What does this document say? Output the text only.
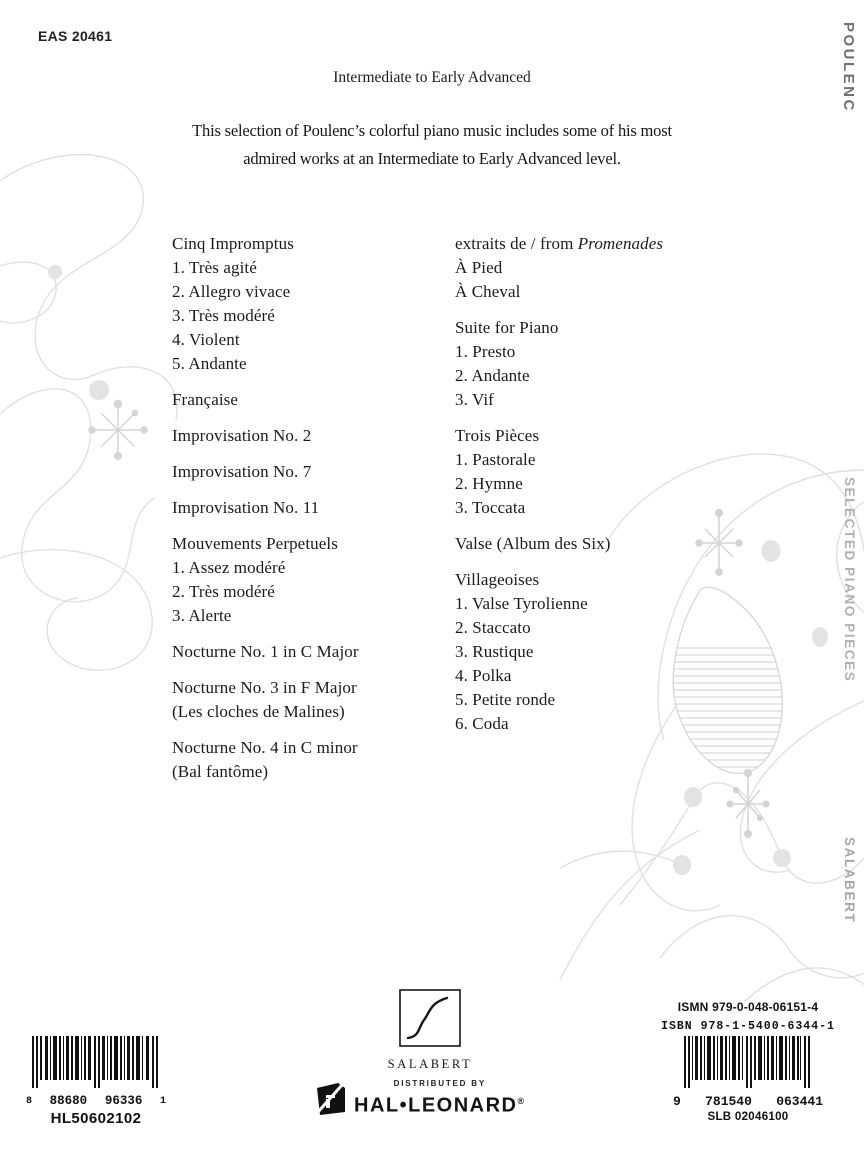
EAS 20461	POULENC
SELECTED PIANO PIECES
SALABERT
Intermediate to Early Advanced
This selection of Poulenc’s colorful piano music includes some of his most
admired works at an Intermediate to Early Advanced level.
Cinq Impromptus
1. Très agité
2. Allegro vivace
3. Très modéré
4. Violent
5. Andante
Française
Improvisation No. 2
Improvisation No. 7
Improvisation No. 11
Mouvements Perpetuels
1. Assez modéré
2. Très modéré
3. Alerte
Nocturne No. 1 in C Major
Nocturne No. 3 in F Major
(Les cloches de Malines)
Nocturne No. 4 in C minor
(Bal fantôme)
extraits de / from Promenades
À Pied
À Cheval
Suite for Piano
1. Presto
2. Andante
3. Vif
Trois Pièces
1. Pastorale
2. Hymne
3. Toccata
Valse (Album des Six)
Villageoises
1. Valse Tyrolienne
2. Staccato
3. Rustique
4. Polka
5. Petite ronde
6. Coda
8 88680 96336 1
HL50602102
SALABERT
DISTRIBUTED BY
HAL•LEONARD®
ISMN 979-0-048-06151-4
ISBN 978-1-5400-6344-1
9 781540 063441
SLB 02046100
